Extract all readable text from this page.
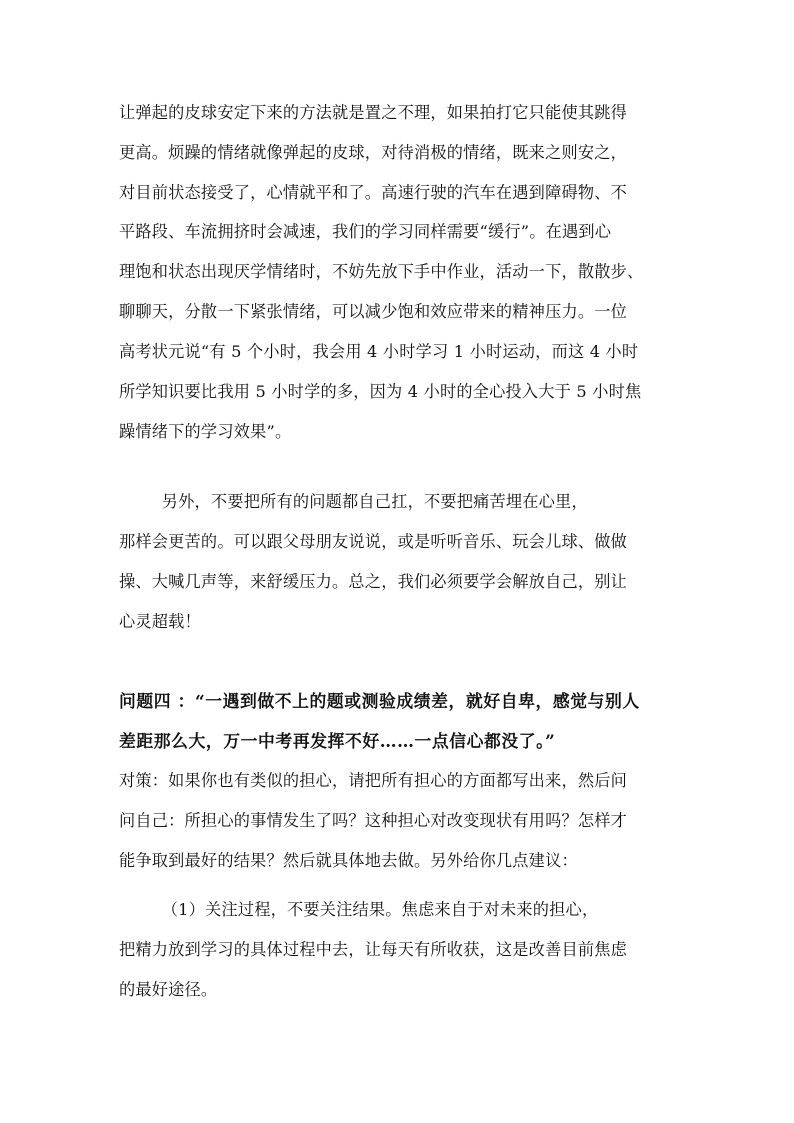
让弹起的皮球安定下来的方法就是置之不理，如果拍打它只能使其跳得
更高。烦躁的情绪就像弹起的皮球，对待消极的情绪，既来之则安之，
对目前状态接受了，心情就平和了。高速行驶的汽车在遇到障碍物、不
平路段、车流拥挤时会减速，我们的学习同样需要“缓行”。在遇到心
理饱和状态出现厌学情绪时，不妨先放下手中作业，活动一下，散散步、
聊聊天，分散一下紧张情绪，可以减少饱和效应带来的精神压力。一位
高考状元说“有 5 个小时，我会用 4 小时学习 1 小时运动，而这 4 小时
所学知识要比我用 5 小时学的多，因为 4 小时的全心投入大于 5 小时焦
躁情绪下的学习效果”。
另外，不要把所有的问题都自己扛，不要把痛苦埋在心里，
那样会更苦的。可以跟父母朋友说说，或是听听音乐、玩会儿球、做做
操、大喊几声等，来舒缓压力。总之，我们必须要学会解放自己，别让
心灵超载！
问题四 ：“一遇到做不上的题或测验成绩差，就好自卑，感觉与别人
差距那么大，万一中考再发挥不好……一点信心都没了。”
对策：如果你也有类似的担心，请把所有担心的方面都写出来，然后问
问自己：所担心的事情发生了吗？这种担心对改变现状有用吗？怎样才
能争取到最好的结果？然后就具体地去做。另外给你几点建议：
（1）关注过程，不要关注结果。焦虑来自于对未来的担心，
把精力放到学习的具体过程中去，让每天有所收获，这是改善目前焦虑
的最好途径。
